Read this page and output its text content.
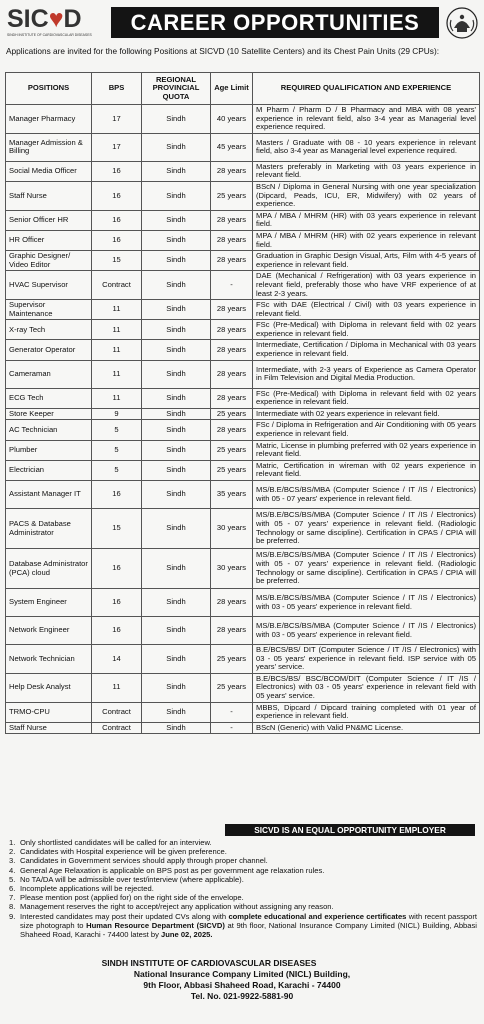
SIC♥D
SINDH INSTITUTE OF CARDIOVASCULAR DISEASES	CAREER OPPORTUNITIES

Applications are invited for the following Positions at SICVD (10 Satellite Centers) and its Chest Pain Units (29 CPUs):

POSITIONS	BPS	REGIONAL PROVINCIAL QUOTA	Age Limit	REQUIRED QUALIFICATION AND EXPERIENCE
Manager Pharmacy	17	Sindh	40 years	M Pharm / Pharm D / B Pharmacy and MBA with 08 years' experience in relevant field, also 3-4 year as Managerial level experience required.
Manager Admission & Billing	17	Sindh	45 years	Masters / Graduate with 08 - 10 years experience in relevant field, also 3-4 year as Managerial level experience required.
Social Media Officer	16	Sindh	28 years	Masters preferably in Marketing with 03 years experience in relevant field.
Staff Nurse	16	Sindh	25 years	BScN / Diploma in General Nursing with one year specialization (Dipcard, Peads, ICU, ER, Midwifery) with 02 years of experience.
Senior Officer HR	16	Sindh	28 years	MPA / MBA / MHRM (HR) with 03 years experience in relevant field.
HR Officer	16	Sindh	28 years	MPA / MBA / MHRM (HR) with 02 years experience in relevant field.
Graphic Designer/ Video Editor	15	Sindh	28 years	Graduation in Graphic Design Visual, Arts, Film with 4-5 years of experience in relevant field.
HVAC Supervisor	Contract	Sindh	-	DAE (Mechanical / Refrigeration) with 03 years experience in relevant field, preferably those who have VRF experience of at least 2-3 years.
Supervisor Maintenance	11	Sindh	28 years	FSc with DAE (Electrical / Civil) with 03 years experience in relevant field.
X-ray Tech	11	Sindh	28 years	FSc (Pre-Medical) with Diploma in relevant field with 02 years experience in relevant field.
Generator Operator	11	Sindh	28 years	Intermediate, Certification / Diploma in Mechanical with 03 years experience in relevant field.
Cameraman	11	Sindh	28 years	Intermediate, with 2-3 years of Experience as Camera Operator in Film Television and Digital Media Production.
ECG Tech	11	Sindh	28 years	FSc (Pre-Medical) with Diploma in relevant field with 02 years experience in relevant field.
Store Keeper	9	Sindh	25 years	Intermediate with 02 years experience in relevant field.
AC Technician	5	Sindh	28 years	FSc / Diploma in Refrigeration and Air Conditioning with 05 years experience in relevant field.
Plumber	5	Sindh	25 years	Matric, License in plumbing preferred with 02 years experience in relevant field.
Electrician	5	Sindh	25 years	Matric, Certification in wireman with 02 years experience in relevant field.
Assistant Manager IT	16	Sindh	35 years	MS/B.E/BCS/BS/MBA (Computer Science / IT /IS / Electronics) with 05 - 07 years' experience in relevant field.
PACS & Database Administrator	15	Sindh	30 years	MS/B.E/BCS/BS/MBA (Computer Science / IT /IS / Electronics) with 05 - 07 years' experience in relevant field. (Radiologic Technology or same discipline). Certification in CPAS / CPIA will be preferred.
Database Administrator (PCA) cloud	16	Sindh	30 years	MS/B.E/BCS/BS/MBA (Computer Science / IT /IS / Electronics) with 05 - 07 years' experience in relevant field. (Radiologic Technology or same discipline). Certification in CPAS / CPIA will be preferred.
System Engineer	16	Sindh	28 years	MS/B.E/BCS/BS/MBA (Computer Science / IT /IS / Electronics) with 03 - 05 years' experience in relevant field.
Network Engineer	16	Sindh	28 years	MS/B.E/BCS/BS/MBA (Computer Science / IT /IS / Electronics) with 03 - 05 years' experience in relevant field.
Network Technician	14	Sindh	25 years	B.E/BCS/BS/ DIT (Computer Science / IT /IS / Electronics) with 03 - 05 years' experience in relevant field. ISP service with 05 years' service.
Help Desk Analyst	11	Sindh	25 years	B.E/BCS/BS/ BSC/BCOM/DIT (Computer Science / IT /IS / Electronics) with 03 - 05 years' experience in relevant field with 05 years' service.
TRMO-CPU	Contract	Sindh	-	MBBS, Dipcard / Dipcard training completed with 01 year of experience in relevant field.
Staff Nurse	Contract	Sindh	-	BScN (Generic) with Valid PN&MC License.
SICVD IS AN EQUAL OPPORTUNITY EMPLOYER
1. Only shortlisted candidates will be called for an interview.
2. Candidates with Hospital experience will be given preference.
3. Candidates in Government services should apply through proper channel.
4. General Age Relaxation is applicable on BPS post as per government age relaxation rules.
5. No TA/DA will be admissible over test/interview (where applicable).
6. Incomplete applications will be rejected.
7. Please mention post (applied for) on the right side of the envelope.
8. Management reserves the right to accept/reject any application without assigning any reason.
9. Interested candidates may post their updated CVs along with complete educational and experience certificates with recent passport size photograph to Human Resource Department (SICVD) at 9th floor, National Insurance Company Limited (NICL) Building, Abbasi Shaheed Road, Karachi - 74400 latest by June 02, 2025.
SINDH INSTITUTE OF CARDIOVASCULAR DISEASES
National Insurance Company Limited (NICL) Building,
9th Floor, Abbasi Shaheed Road, Karachi - 74400
Tel. No. 021-9922-5881-90
